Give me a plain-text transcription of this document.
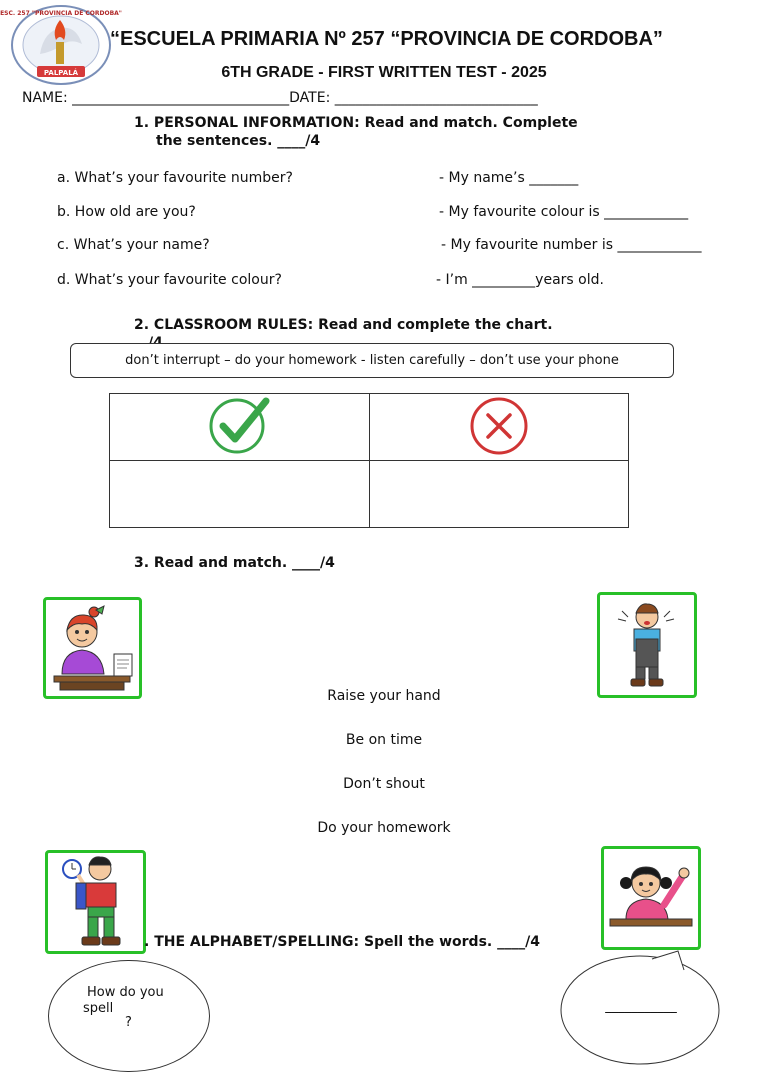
PALPALÁ
ESC. 257 "PROVINCIA DE CORDOBA"
“ESCUELA PRIMARIA Nº 257 “PROVINCIA DE CORDOBA”
6TH GRADE - FIRST WRITTEN TEST - 2025
NAME: _______________________________DATE: _____________________________
1. PERSONAL INFORMATION: Read and match. Complete
the sentences. ____/4
a. What’s your favourite number?
b. How old are you?
c. What’s your name?
d. What’s your favourite colour?
- My name’s _______
- My favourite colour is ____________
- My favourite number is ____________
- I’m _________years old.
2. CLASSROOM RULES: Read and complete the chart.
don’t interrupt – do your homework - listen carefully – don’t use your phone

3. Read and match. ____/4
Raise your hand
Be on time
Don’t shout
Do your homework
. THE ALPHABET/SPELLING: Spell the words. ____/4
How do you
spell
?
___________
